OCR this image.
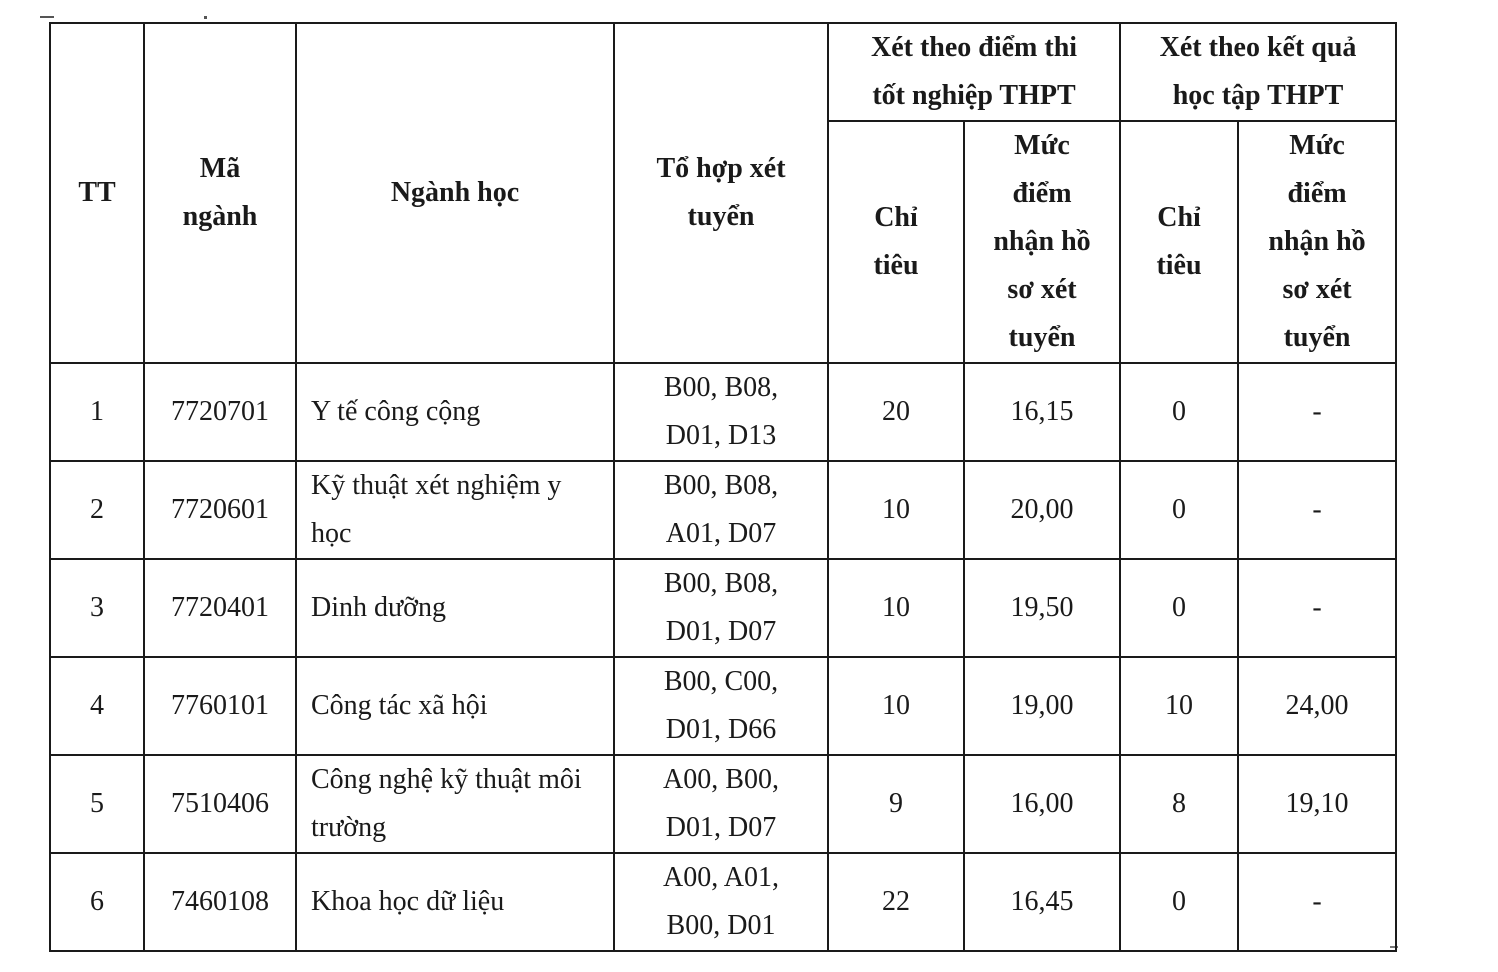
TT	Mã ngành	Ngành học	Tổ hợp xét tuyển	Xét theo điểm thi tốt nghiệp THPT		Xét theo kết quả học tập THPT	
				Chỉ tiêu	Mức điểm nhận hồ sơ xét tuyển	Chỉ tiêu	Mức điểm nhận hồ sơ xét tuyển
1	7720701	Y tế công cộng	B00, B08, D01, D13	20	16,15	0	-
2	7720601	Kỹ thuật xét nghiệm y học	B00, B08, A01, D07	10	20,00	0	-
3	7720401	Dinh dưỡng	B00, B08, D01, D07	10	19,50	0	-
4	7760101	Công tác xã hội	B00, C00, D01, D66	10	19,00	10	24,00
5	7510406	Công nghệ kỹ thuật môi trường	A00, B00, D01, D07	9	16,00	8	19,10
6	7460108	Khoa học dữ liệu	A00, A01, B00, D01	22	16,45	0	-
